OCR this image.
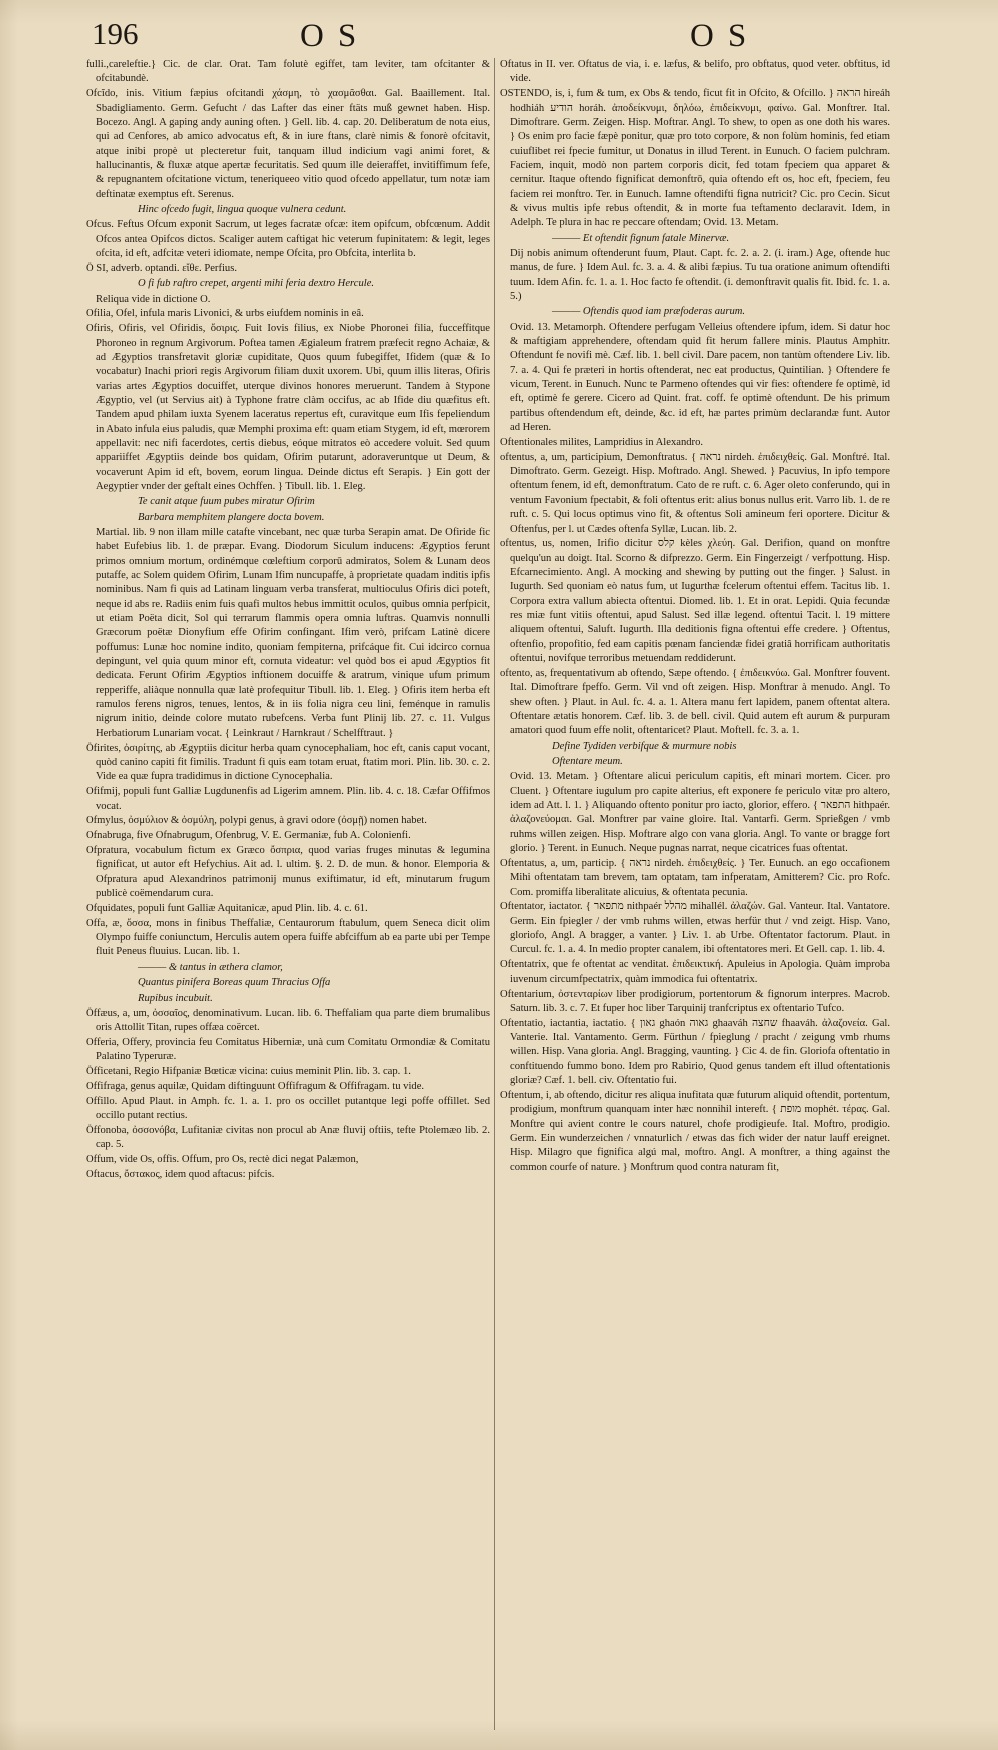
196	OS	OS
fulli.,careleftie.} Cic. de clar. Orat. Tam folutè egiffet, tam leviter, tam ofcitanter & ofcitabundè.
Ofcĭdo, inis. Vitium fæpius ofcitandi χάσμη, τὸ χασμᾶσθαι. Gal. Baaillement. Ital. Sbadigliamento. Germ. Gefucht / das Lafter das einer ftäts muß gewnet haben. Hisp. Bocezo. Angl. A gaping andy auning often. } Gell. lib. 4. cap. 20. Deliberatum de nota eius, qui ad Cenfores, ab amico advocatus eft, & in iure ftans, clarè nimis & fonorè ofcitavit, atque inibi propè ut plecteretur fuit, tanquam illud indicium vagi animi foret, & hallucinantis, & fluxæ atque apertæ fecuritatis. Sed quum ille deieraffet, invitiffimum fefe, & repugnantem ofcitatione victum, teneriqueeo vitio quod ofcedo appellatur, tum notæ iam deftinatæ exemptus eft. Serenus.
Hinc ofcedo fugit, lingua quoque vulnera cedunt.
Ofcus. Feftus Ofcum exponit Sacrum, ut leges facratæ ofcæ: item opifcum, obfcœnum. Addit Ofcos antea Opifcos dictos. Scaliger autem caftigat hic veterum fupinitatem: & legit, leges ofcita, id eft, adfcitæ veteri idiomate, nempe Ofcita, pro Obfcita, interlita b.
Ö SI, adverb. optandi. εἴθε. Perfius.
O fi fub raftro crepet, argenti mihi feria dextro Hercule.
Reliqua vide in dictione O.
Ofilia, Ofel, infula maris Livonici, & urbs eiufdem nominis in eâ.
Ofiris, Ofiris, vel Ofiridis, ὄσιρις. Fuit Iovis filius, ex Niobe Phoronei filia, fucceffitque Phoroneo in regnum Argivorum. Poftea tamen Ægialeum fratrem præfecit regno Achaiæ, & ad Ægyptios transfretavit gloriæ cupiditate, Quos quum fubegiffet, Ifidem (quæ & Io vocabatur) Inachi priori regis Argivorum filiam duxit uxorem. Ubi, quum illis literas, Ofiris varias artes Ægyptios docuiffet, uterque divinos honores meruerunt. Tandem à Stypone Ægyptio, vel (ut Servius ait) à Typhone fratre clàm occifus, ac ab Ifide diu quæfitus eft. Tandem apud philam iuxta Syenem laceratus repertus eft, curavitque eum Ifis fepeliendum in Abato infula eius paludis, quæ Memphi proxima eft: quam etiam Stygem, id eft, mœrorem appellavit: nec nifi facerdotes, certis diebus, eóque mitratos eò accedere voluit. Sed quum appariiffet Ægyptiis deinde bos quidam, Ofirim putarunt, adoraveruntque ut Deum, & vocaverunt Apim id eft, bovem, eorum lingua. Deinde dictus eft Serapis. } Ein gott der Aegyptier vnder der geftalt eines Ochffen. } Tibull. lib. 1. Eleg.
Te canit atque fuum pubes miratur Ofirim
Barbara memphitem plangere docta bovem.
Martial. lib. 9 non illam mille catafte vincebant, nec quæ turba Serapin amat. De Ofiride fic habet Eufebius lib. 1. de præpar. Evang. Diodorum Siculum inducens: Ægyptios ferunt primos omnium mortum, ordinémque cœleftium corporū admiratos, Solem & Lunam deos putaffe, ac Solem quidem Ofirim, Lunam Ifim nuncupaffe, à proprietate quadam inditis ipfis nominibus. Nam fi quis ad Latinam linguam verba transferat, multioculus Ofiris dici poteft, neque id abs re. Radiis enim fuis quafi multos hebus immittit oculos, quibus omnia perfpicit, ut etiam Poëta dicit, Sol qui terrarum flammis opera omnia luftras. Quamvis nonnulli Græcorum poëtæ Dionyfium effe Ofirim confingant. Ifim verò, prifcam Latinè dicere poffumus: Lunæ hoc nomine indito, quoniam fempiterna, prifcáque fit. Cui idcirco cornua depingunt, vel quia quum minor eft, cornuta videatur: vel quòd bos ei apud Ægyptios fit dedicata. Ferunt Ofirim Ægyptios inftionem docuiffe & aratrum, vinique ufum primum repperiffe, aliàque nonnulla quæ latè profequitur Tibull. lib. 1. Eleg. } Ofiris item herba eft ramulos ferens nigros, tenues, lentos, & in iis folia nigra ceu lini, feménque in ramulis nigrum initio, deinde colore mutato rubefcens. Verba funt Plinij lib. 27. c. 11. Vulgus Herbatiorum Lunariam vocat. { Leinkraut / Harnkraut / Schelfftraut. }
Öfirites, ὀσιρίτης, ab Ægyptiis dicitur herba quam cynocephaliam, hoc eft, canis caput vocant, quòd canino capiti fit fimilis. Tradunt fi quis eam totam eruat, ftatim mori. Plin. lib. 30. c. 2. Vide ea quæ fupra tradidimus in dictione Cynocephalia.
Ofifmij, populi funt Galliæ Lugdunenfis ad Ligerim amnem. Plin. lib. 4. c. 18. Cæfar Offifmos vocat.
Ofmylus, ὀσμύλιον & ὀσμύλη, polypi genus, à gravi odore (ὀσμῇ) nomen habet.
Ofnabruga, five Ofnabrugum, Ofenbrug, V. E. Germaniæ, fub A. Colonienfi.
Ofpratura, vocabulum fictum ex Græco ὄσπρια, quod varias fruges minutas & legumina fignificat, ut autor eft Hefychius. Ait ad. l. ultim. §. 2. D. de mun. & honor. Elemporia & Ofpratura apud Alexandrinos patrimonij munus exiftimatur, id eft, minutarum frugum publicè coëmendarum cura.
Ofquidates, populi funt Galliæ Aquitanicæ, apud Plin. lib. 4. c. 61.
Offa, æ, ὄσσα, mons in finibus Theffaliæ, Centaurorum ftabulum, quem Seneca dicit olim Olympo fuiffe coniunctum, Herculis autem opera fuiffe abfciffum ab ea parte ubi per Tempe fluit Peneus fluuius. Lucan. lib. 1.
——— & tantus in æthera clamor,
Quantus pinifera Boreas quum Thracius Offa
Rupibus incubuit.
Öffæus, a, um, ὀσσαῖος, denominativum. Lucan. lib. 6. Theffaliam qua parte diem brumalibus oris Attollit Titan, rupes offæa coërcet.
Offeria, Offery, provincia feu Comitatus Hiberniæ, unà cum Comitatu Ormondiæ & Comitatu Palatino Typeruræ.
Öfficetani, Regio Hifpaniæ Bœticæ vicina: cuius meminit Plin. lib. 3. cap. 1.
Offifraga, genus aquilæ, Quidam diftinguunt Offifragum & Offifragam. tu vide.
Offillo. Apud Plaut. in Amph. fc. 1. a. 1. pro os occillet putantque legi poffe offillet. Sed occillo putant rectius.
Öffonoba, ὀσσονόβα, Lufitaniæ civitas non procul ab Anæ fluvij oftiis, tefte Ptolemæo lib. 2. cap. 5.
Offum, vide Os, offis. Offum, pro Os, rectè dici negat Palæmon,
Oftacus, ὄστακος, idem quod aftacus: pifcis.
Oftatus in II. ver. Oftatus de via, i. e. læfus, & belifo, pro obftatus, quod veter. obftitus, id vide.
OSTENDO, is, i, fum & tum, ex Obs & tendo, ficut fit in Ofcito, & Ofcillo. } הראה hireáh hodhiáh הודיע horáh. ἀποδείκνυμι, δηλόω, ἐπιδείκνυμι, φαίνω. Gal. Monftrer. Ital. Dimoftrare. Germ. Zeigen. Hisp. Moftrar. Angl. To shew, to open as one doth his wares. } Os enim pro facie fæpè ponitur, quæ pro toto corpore, & non folùm hominis, fed etiam cuiuflibet rei fpecie fumitur, ut Donatus in illud Terent. in Eunuch. O faciem pulchram. Faciem, inquit, modò non partem corporis dicit, fed totam fpeciem qua apparet & cernitur. Itaque oftendo fignificat demonftrō, quia oftendo eft os, hoc eft, fpeciem, feu faciem rei monftro. Ter. in Eunuch. Iamne oftendifti figna nutricit? Cic. pro Cecin. Sicut & vivus multis ipfe rebus oftendit, & in morte fua teftamento declaravit. Idem, in Adelph. Te plura in hac re peccare oftendam; Ovid. 13. Metam.
——— Et oftendit fignum fatale Minervæ.
Dij nobis animum oftenderunt fuum, Plaut. Capt. fc. 2. a. 2. (i. iram.) Age, oftende huc manus, de fure. } Idem Aul. fc. 3. a. 4. & alibi fæpius. Tu tua oratione animum oftendifti tuum. Idem Afin. fc. 1. a. 1. Hoc facto fe oftendit. (i. demonftravit qualis fit. Ibid. fc. 1. a. 5.)
——— Oftendis quod iam præfoderas aurum.
Ovid. 13. Metamorph. Oftendere perfugam Velleius oftendere ipfum, idem. Si datur hoc & maftigiam apprehendere, oftendam quid fit herum fallere minis. Plautus Amphitr. Oftendunt fe novifi mè. Cæf. lib. 1. bell civil. Dare pacem, non tantùm oftendere Liv. lib. 7. a. 4. Qui fe præteri in hortis oftenderat, nec eat productus, Quintilian. } Oftendere fe vicum, Terent. in Eunuch. Nunc te Parmeno oftendes qui vir fies: oftendere fe optimè, id eft, optimè fe gerere. Cicero ad Quint. frat. coff. fe optimè oftendunt. De his primum partibus oftendendum eft, deinde, &c. id eft, hæ partes primùm declarandæ funt. Autor ad Heren.
Oftentionales milites, Lampridius in Alexandro.
oftentus, a, um, participium, Demonftratus. { נראה nirdeh. ἐπιδειχθείς. Gal. Monftré. Ital. Dimoftrato. Germ. Gezeigt. Hisp. Moftrado. Angl. Shewed. } Pacuvius, In ipfo tempore oftentum fenem, id eft, demonftratum. Cato de re ruft. c. 6. Ager oleto conferundo, qui in ventum Favonium fpectabit, & foli oftentus erit: alius bonus nullus erit. Varro lib. 1. de re ruft. c. 5. Qui locus optimus vino fit, & oftentus Soli amineum feri oportere. Dicitur & Oftenfus, per l. ut Cædes oftenfa Syllæ, Lucan. lib. 2.
oftentus, us, nomen, Irifio dicitur קלס kèles χλεύη. Gal. Derifion, quand on monftre quelqu'un au doigt. Ital. Scorno & difprezzo. Germ. Ein Fingerzeigt / verfpottung. Hisp. Efcarnecimiento. Angl. A mocking and shewing by putting out the finger. } Salust. in Iugurth. Sed quoniam eò natus fum, ut Iugurthæ fcelerum oftentui effem. Tacitus lib. 1. Corpora extra vallum abiecta oftentui. Diomed. lib. 1. Et in orat. Lepidi. Quia fecundæ res miæ funt vitiis oftentui, apud Salust. Sed illæ legend. oftentui Tacit. l. 19 mittere aliquem oftentui, Saluft. Iugurth. Illa deditionis figna oftentui effe credere. } Oftentus, oftenfio, propofitio, fed eam capitis pœnam fanciendæ fidei gratiâ horrificam authoritatis oftentui, novifque terroribus metuendam reddiderunt.
oftento, as, frequentativum ab oftendo, Sæpe oftendo. { ἐπιδεικνύω. Gal. Monftrer fouvent. Ital. Dimoftrare fpeffo. Germ. Vil vnd oft zeigen. Hisp. Monftrar à menudo. Angl. To shew often. } Plaut. in Aul. fc. 4. a. 1. Altera manu fert lapidem, panem oftentat altera. Oftentare ætatis honorem. Cæf. lib. 3. de bell. civil. Quid autem eft aurum & purpuram amatori quod fuum effe nolit, oftentaricet? Plaut. Moftell. fc. 3. a. 1.
Define Tydiden verbifque & murmure nobis
Oftentare meum.
Ovid. 13. Metam. } Oftentare alicui periculum capitis, eft minari mortem. Cicer. pro Cluent. } Oftentare iugulum pro capite alterius, eft exponere fe periculo vitæ pro altero, idem ad Att. l. 1. } Aliquando oftento ponitur pro iacto, glorior, effero. { התפאר hithpaér. ἀλαζονεύομαι. Gal. Monftrer par vaine gloire. Ital. Vantarfi. Germ. Sprießgen / vmb ruhms willen zeigen. Hisp. Moftrare algo con vana gloria. Angl. To vante or bragge fort glorio. } Terent. in Eunuch. Neque pugnas narrat, neque cicatrices fuas oftentat.
Oftentatus, a, um, particip. { נראה nirdeh. ἐπιδειχθείς. } Ter. Eunuch. an ego occafionem Mihi oftentatam tam brevem, tam optatam, tam infperatam, Amitterem? Cic. pro Rofc. Com. promiffa liberalitate alicuius, & oftentata pecunia.
Oftentator, iactator. { מתפאר nithpaér מהלל mihallél. ἀλαζών. Gal. Vanteur. Ital. Vantatore. Germ. Ein fpiegler / der vmb ruhms willen, etwas herfür thut / vnd zeigt. Hisp. Vano, gloriofo, Angl. A bragger, a vanter. } Liv. 1. ab Urbe. Oftentator factorum. Plaut. in Curcul. fc. 1. a. 4. In medio propter canalem, ibi oftentatores meri. Et Gell. cap. 1. lib. 4.
Oftentatrix, que fe oftentat ac venditat. ἐπιδεικτική. Apuleius in Apologia. Quàm improba iuvenum circumfpectatrix, quàm immodica fui oftentatrix.
Oftentarium, ὀστενταρίων liber prodigiorum, portentorum & fignorum interpres. Macrob. Saturn. lib. 3. c. 7. Et fuper hoc liber Tarquinij tranfcriptus ex oftentario Tufco.
Oftentatio, iactantia, iactatio. { גאון ghaón גאוה ghaaváh שחצה fhaaváh. ἀλαζονεία. Gal. Vanterie. Ital. Vantamento. Germ. Fürthun / fpieglung / pracht / zeigung vmb rhums willen. Hisp. Vana gloria. Angl. Bragging, vaunting. } Cic 4. de fin. Gloriofa oftentatio in conftituendo fummo bono. Idem pro Rabirio, Quod genus tandem eft illud oftentationis gloriæ? Cæf. 1. bell. civ. Oftentatio fui.
Oftentum, i, ab oftendo, dicitur res aliqua inufitata quæ futurum aliquid oftendit, portentum, prodigium, monftrum quanquam inter hæc nonnihil intereft. { מופת mophét. τέρας. Gal. Monftre qui avient contre le cours naturel, chofe prodigieufe. Ital. Moftro, prodigio. Germ. Ein wunderzeichen / vnnaturlich / etwas das fich wider der natur lauff ereignet. Hisp. Milagro que fignifica algú mal, moftro. Angl. A monftrer, a thing against the common courfe of nature. } Monftrum quod contra naturam fit,
